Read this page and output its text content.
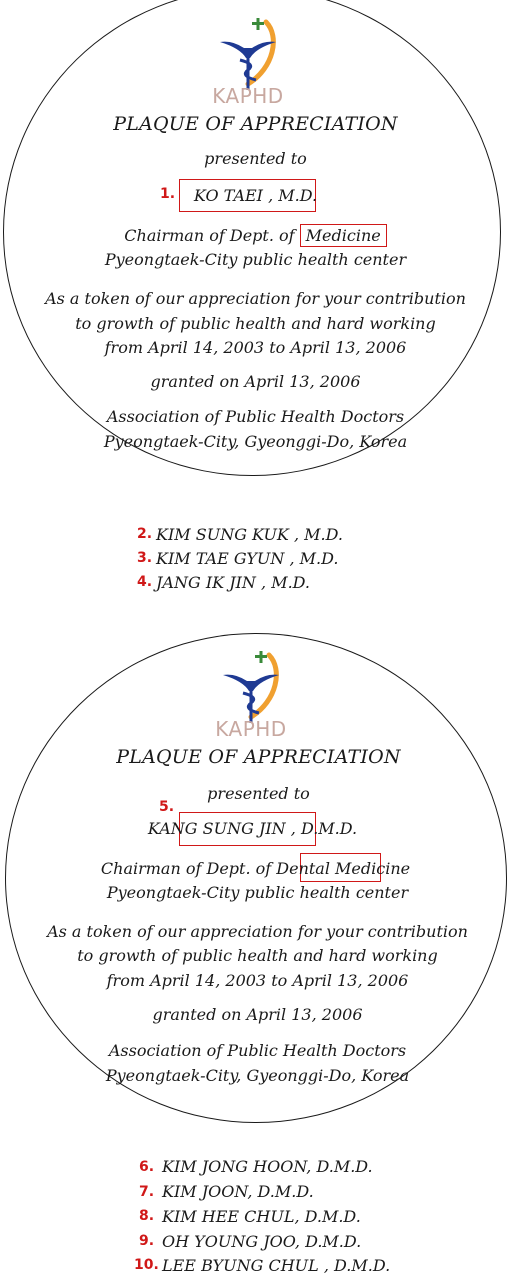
KAPHD
PLAQUE OF APPRECIATION
presented to
1.	KO TAEI , M.D.
Chairman of Dept. of Medicine
Pyeongtaek-City public health center
As a token of our appreciation for your contribution
to growth of public health and hard working
from April 14, 2003 to April 13, 2006
granted on April 13, 2006
Association of Public Health Doctors
Pyeongtaek-City, Gyeonggi-Do, Korea
2. KIM SUNG KUK , M.D.
3. KIM TAE GYUN , M.D.
4. JANG IK JIN , M.D.
KAPHD
PLAQUE OF APPRECIATION
presented to
5.
KANG SUNG JIN , D.M.D.
Chairman of Dept. of Dental Medicine
Pyeongtaek-City public health center
As a token of our appreciation for your contribution
to growth of public health and hard working
from April 14, 2003 to April 13, 2006
granted on April 13, 2006
Association of Public Health Doctors
Pyeongtaek-City, Gyeonggi-Do, Korea
6. KIM JONG HOON, D.M.D.
7. KIM JOON, D.M.D.
8. KIM HEE CHUL, D.M.D.
9. OH YOUNG JOO, D.M.D.
10. LEE BYUNG CHUL , D.M.D.
